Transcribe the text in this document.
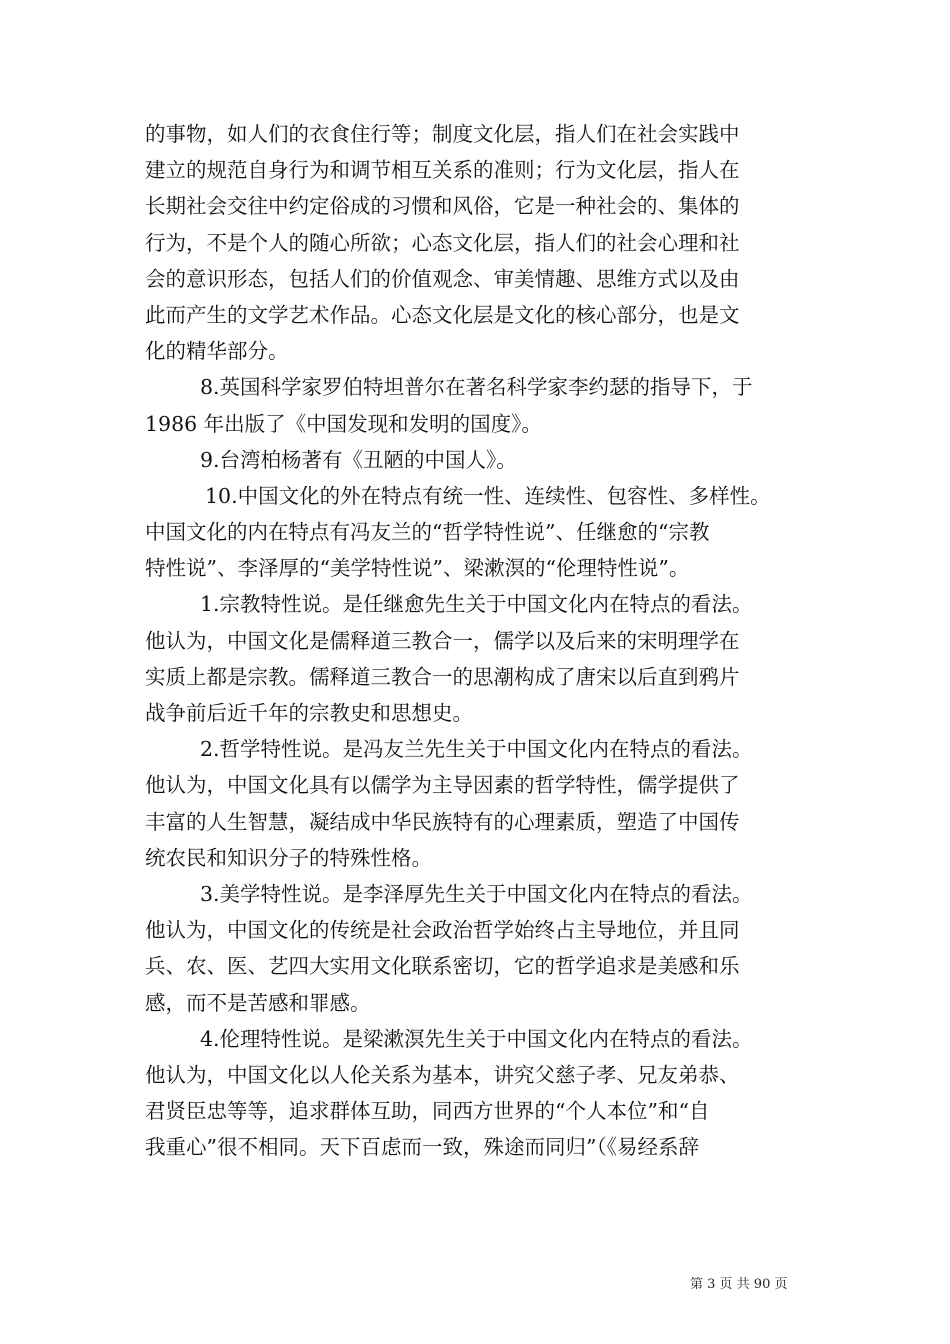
的事物，如人们的衣食住行等；制度文化层，指人们在社会实践中
建立的规范自身行为和调节相互关系的准则；行为文化层，指人在
长期社会交往中约定俗成的习惯和风俗，它是一种社会的、集体的
行为，不是个人的随心所欲；心态文化层，指人们的社会心理和社
会的意识形态，包括人们的价值观念、审美情趣、思维方式以及由
此而产生的文学艺术作品。心态文化层是文化的核心部分，也是文
化的精华部分。
8.英国科学家罗伯特坦普尔在著名科学家李约瑟的指导下，于
1986 年出版了《中国发现和发明的国度》。
9.台湾柏杨著有《丑陋的中国人》。
10.中国文化的外在特点有统一性、连续性、包容性、多样性。
中国文化的内在特点有冯友兰的“哲学特性说”、任继愈的“宗教
特性说”、李泽厚的“美学特性说”、梁漱溟的“伦理特性说”。
1.宗教特性说。是任继愈先生关于中国文化内在特点的看法。
他认为，中国文化是儒释道三教合一，儒学以及后来的宋明理学在
实质上都是宗教。儒释道三教合一的思潮构成了唐宋以后直到鸦片
战争前后近千年的宗教史和思想史。
2.哲学特性说。是冯友兰先生关于中国文化内在特点的看法。
他认为，中国文化具有以儒学为主导因素的哲学特性，儒学提供了
丰富的人生智慧，凝结成中华民族特有的心理素质，塑造了中国传
统农民和知识分子的特殊性格。
3.美学特性说。是李泽厚先生关于中国文化内在特点的看法。
他认为，中国文化的传统是社会政治哲学始终占主导地位，并且同
兵、农、医、艺四大实用文化联系密切，它的哲学追求是美感和乐
感，而不是苦感和罪感。
4.伦理特性说。是梁漱溟先生关于中国文化内在特点的看法。
他认为，中国文化以人伦关系为基本，讲究父慈子孝、兄友弟恭、
君贤臣忠等等，追求群体互助，同西方世界的“个人本位”和“自
我重心”很不相同。天下百虑而一致，殊途而同归”（《易经系辞
第 3 页 共 90 页
